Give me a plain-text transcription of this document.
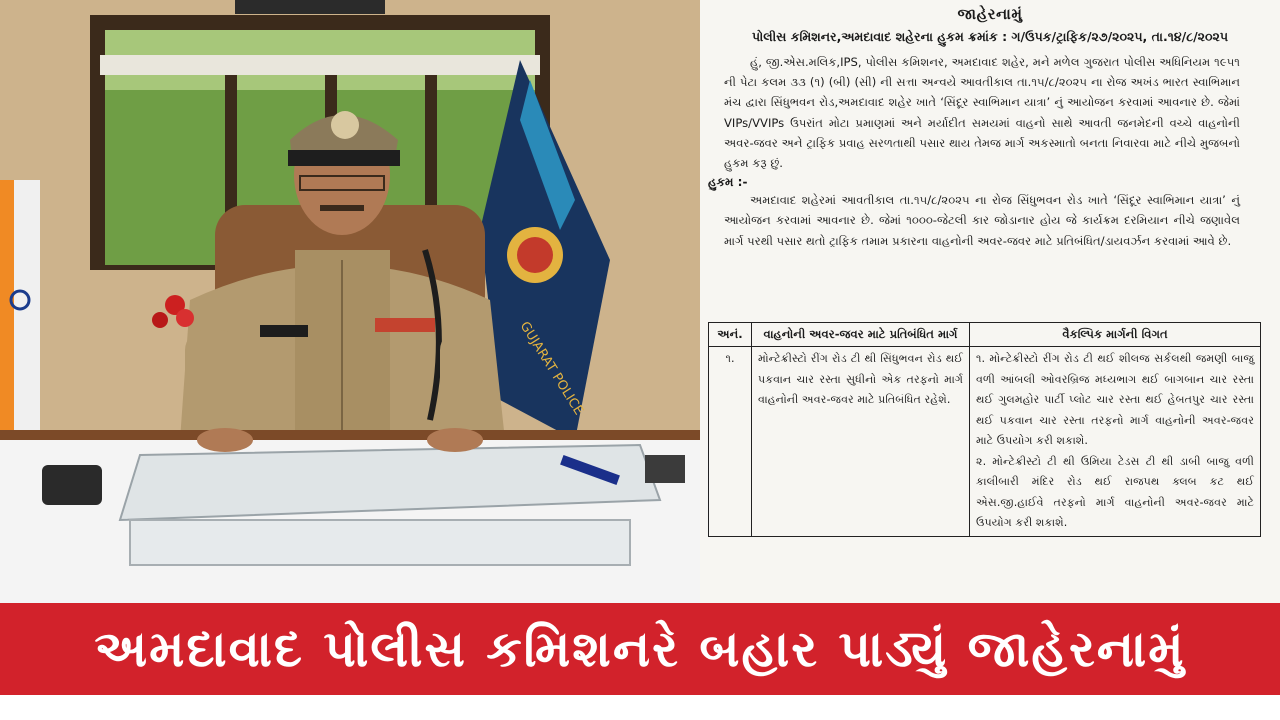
GUJARAT POLICE
જાહેરનામું
પોલીસ કમિશનર,અમદાવાદ શહેરના હુકમ ક્રમાંક : ગ/ઉપક/ટ્રાફિક/૨૭/૨૦૨૫, તા.૧૪/૮/૨૦૨૫
હું, જી.એસ.મલિક,IPS, પોલીસ કમિશનર, અમદાવાદ શહેર, મને મળેલ ગુજરાત પોલીસ અધિનિયમ ૧૯૫૧ ની પેટા કલમ ૩૩ (૧) (બી) (સી) ની સત્તા અન્વયે આવતીકાલ તા.૧૫/૮/૨૦૨૫ ના રોજ અખંડ ભારત સ્વાભિમાન મંચ દ્વારા સિંધુભવન રોડ,અમદાવાદ શહેર ખાતે ‘સિંદૂર સ્વાભિમાન યાત્રા’ નું આયોજન કરવામાં આવનાર છે. જેમાં VIPs/VVIPs ઉપરાંત મોટા પ્રમાણમાં અને મર્યાદીત સમયમાં વાહનો સાથે આવતી જનમેદની વચ્ચે વાહનોની અવર-જવર અને ટ્રાફિક પ્રવાહ સરળતાથી પસાર થાય તેમજ માર્ગ અકસ્માતો બનતા નિવારવા માટે નીચે મુજબનો હુકમ કરૂ છું.
હુકમ :-
અમદાવાદ શહેરમાં આવતીકાલ તા.૧૫/૮/૨૦૨૫ ના રોજ સિંધુભવન રોડ ખાતે ‘સિંદૂર સ્વાભિમાન યાત્રા’ નું આયોજન કરવામાં આવનાર છે. જેમાં ૧૦૦૦-જેટલી કાર જોડાનાર હોય જે કાર્યક્રમ દરમિયાન નીચે જણાવેલ માર્ગ પરથી પસાર થતો ટ્રાફિક તમામ પ્રકારના વાહનોની અવર-જવર માટે પ્રતિબંધિત/ડાયવર્ઝન કરવામાં આવે છે.
અનં.	વાહનોની અવર-જવર માટે પ્રતિબંધિત માર્ગ	વૈકલ્પિક માર્ગની વિગત
૧.	મોન્ટેક્રીસ્ટો રીંગ રોડ ટી થી સિંધુભવન રોડ થઈ પકવાન ચાર રસ્તા સુધીનો એક તરફનો માર્ગ વાહનોની અવર-જવર માટે પ્રતિબંધિત રહેશે.	૧. મોન્ટેક્રીસ્ટો રીંગ રોડ ટી થઈ શીલજ સર્કલથી જમણી બાજુ વળી આંબલી ઓવરબ્રિજ મધ્યભાગ થઈ બાગબાન ચાર રસ્તા થઈ ગુલમહોર પાર્ટી પ્લોટ ચાર રસ્તા થઈ હેબતપુર ચાર રસ્તા થઈ પકવાન ચાર રસ્તા તરફનો માર્ગ વાહનોની અવર-જવર માટે ઉપયોગ કરી શકાશે.
૨. મોન્ટેક્રીસ્ટો ટી થી ઉમિયા ટેડસ ટી થી ડાબી બાજુ વળી કાલીબારી મંદિર રોડ થઈ રાજપથ ક્લબ કટ થઈ એસ.જી.હાઈવે તરફનો માર્ગ વાહનોની અવર-જવર માટે ઉપયોગ કરી શકાશે.
અમદાવાદ પોલીસ કમિશનરે બહાર પાડ્યું જાહેરનામું
